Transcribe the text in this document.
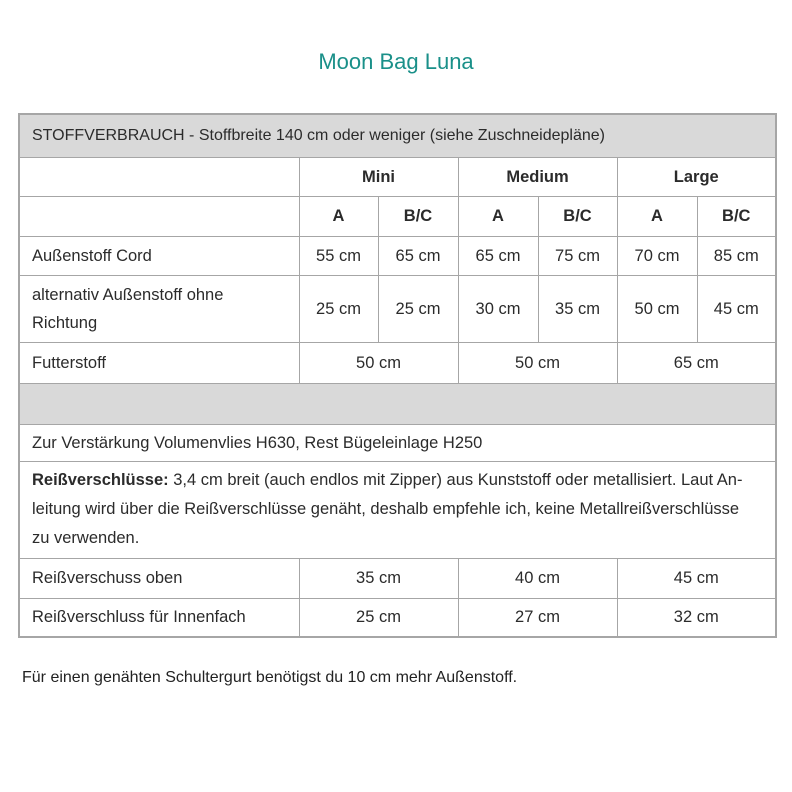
Moon Bag Luna
STOFFVERBRAUCH - Stoffbreite 140 cm oder weniger (siehe Zuschneidepläne)						
	Mini		Medium		Large	
	A	B/C	A	B/C	A	B/C
Außenstoff Cord	55 cm	65 cm	65 cm	75 cm	70 cm	85 cm

alternativ Außenstoff ohne
Richtung	25 cm	25 cm	30 cm	35 cm	50 cm	45 cm
Futterstoff	50 cm		50 cm		65 cm	

Zur Verstärkung Volumenvlies H630, Rest Bügeleinlage H250						

Reißverschlüsse: 3,4 cm breit (auch endlos mit Zipper) aus Kunststoff oder metallisiert. Laut An-
leitung wird über die Reißverschlüsse genäht, deshalb empfehle ich, keine Metallreißverschlüsse
zu verwenden.						

Reißverschuss oben	35 cm		40 cm		45 cm	
Reißverschluss für Innenfach	25 cm		27 cm		32 cm	
Für einen genähten Schultergurt benötigst du 10 cm mehr Außenstoff.
